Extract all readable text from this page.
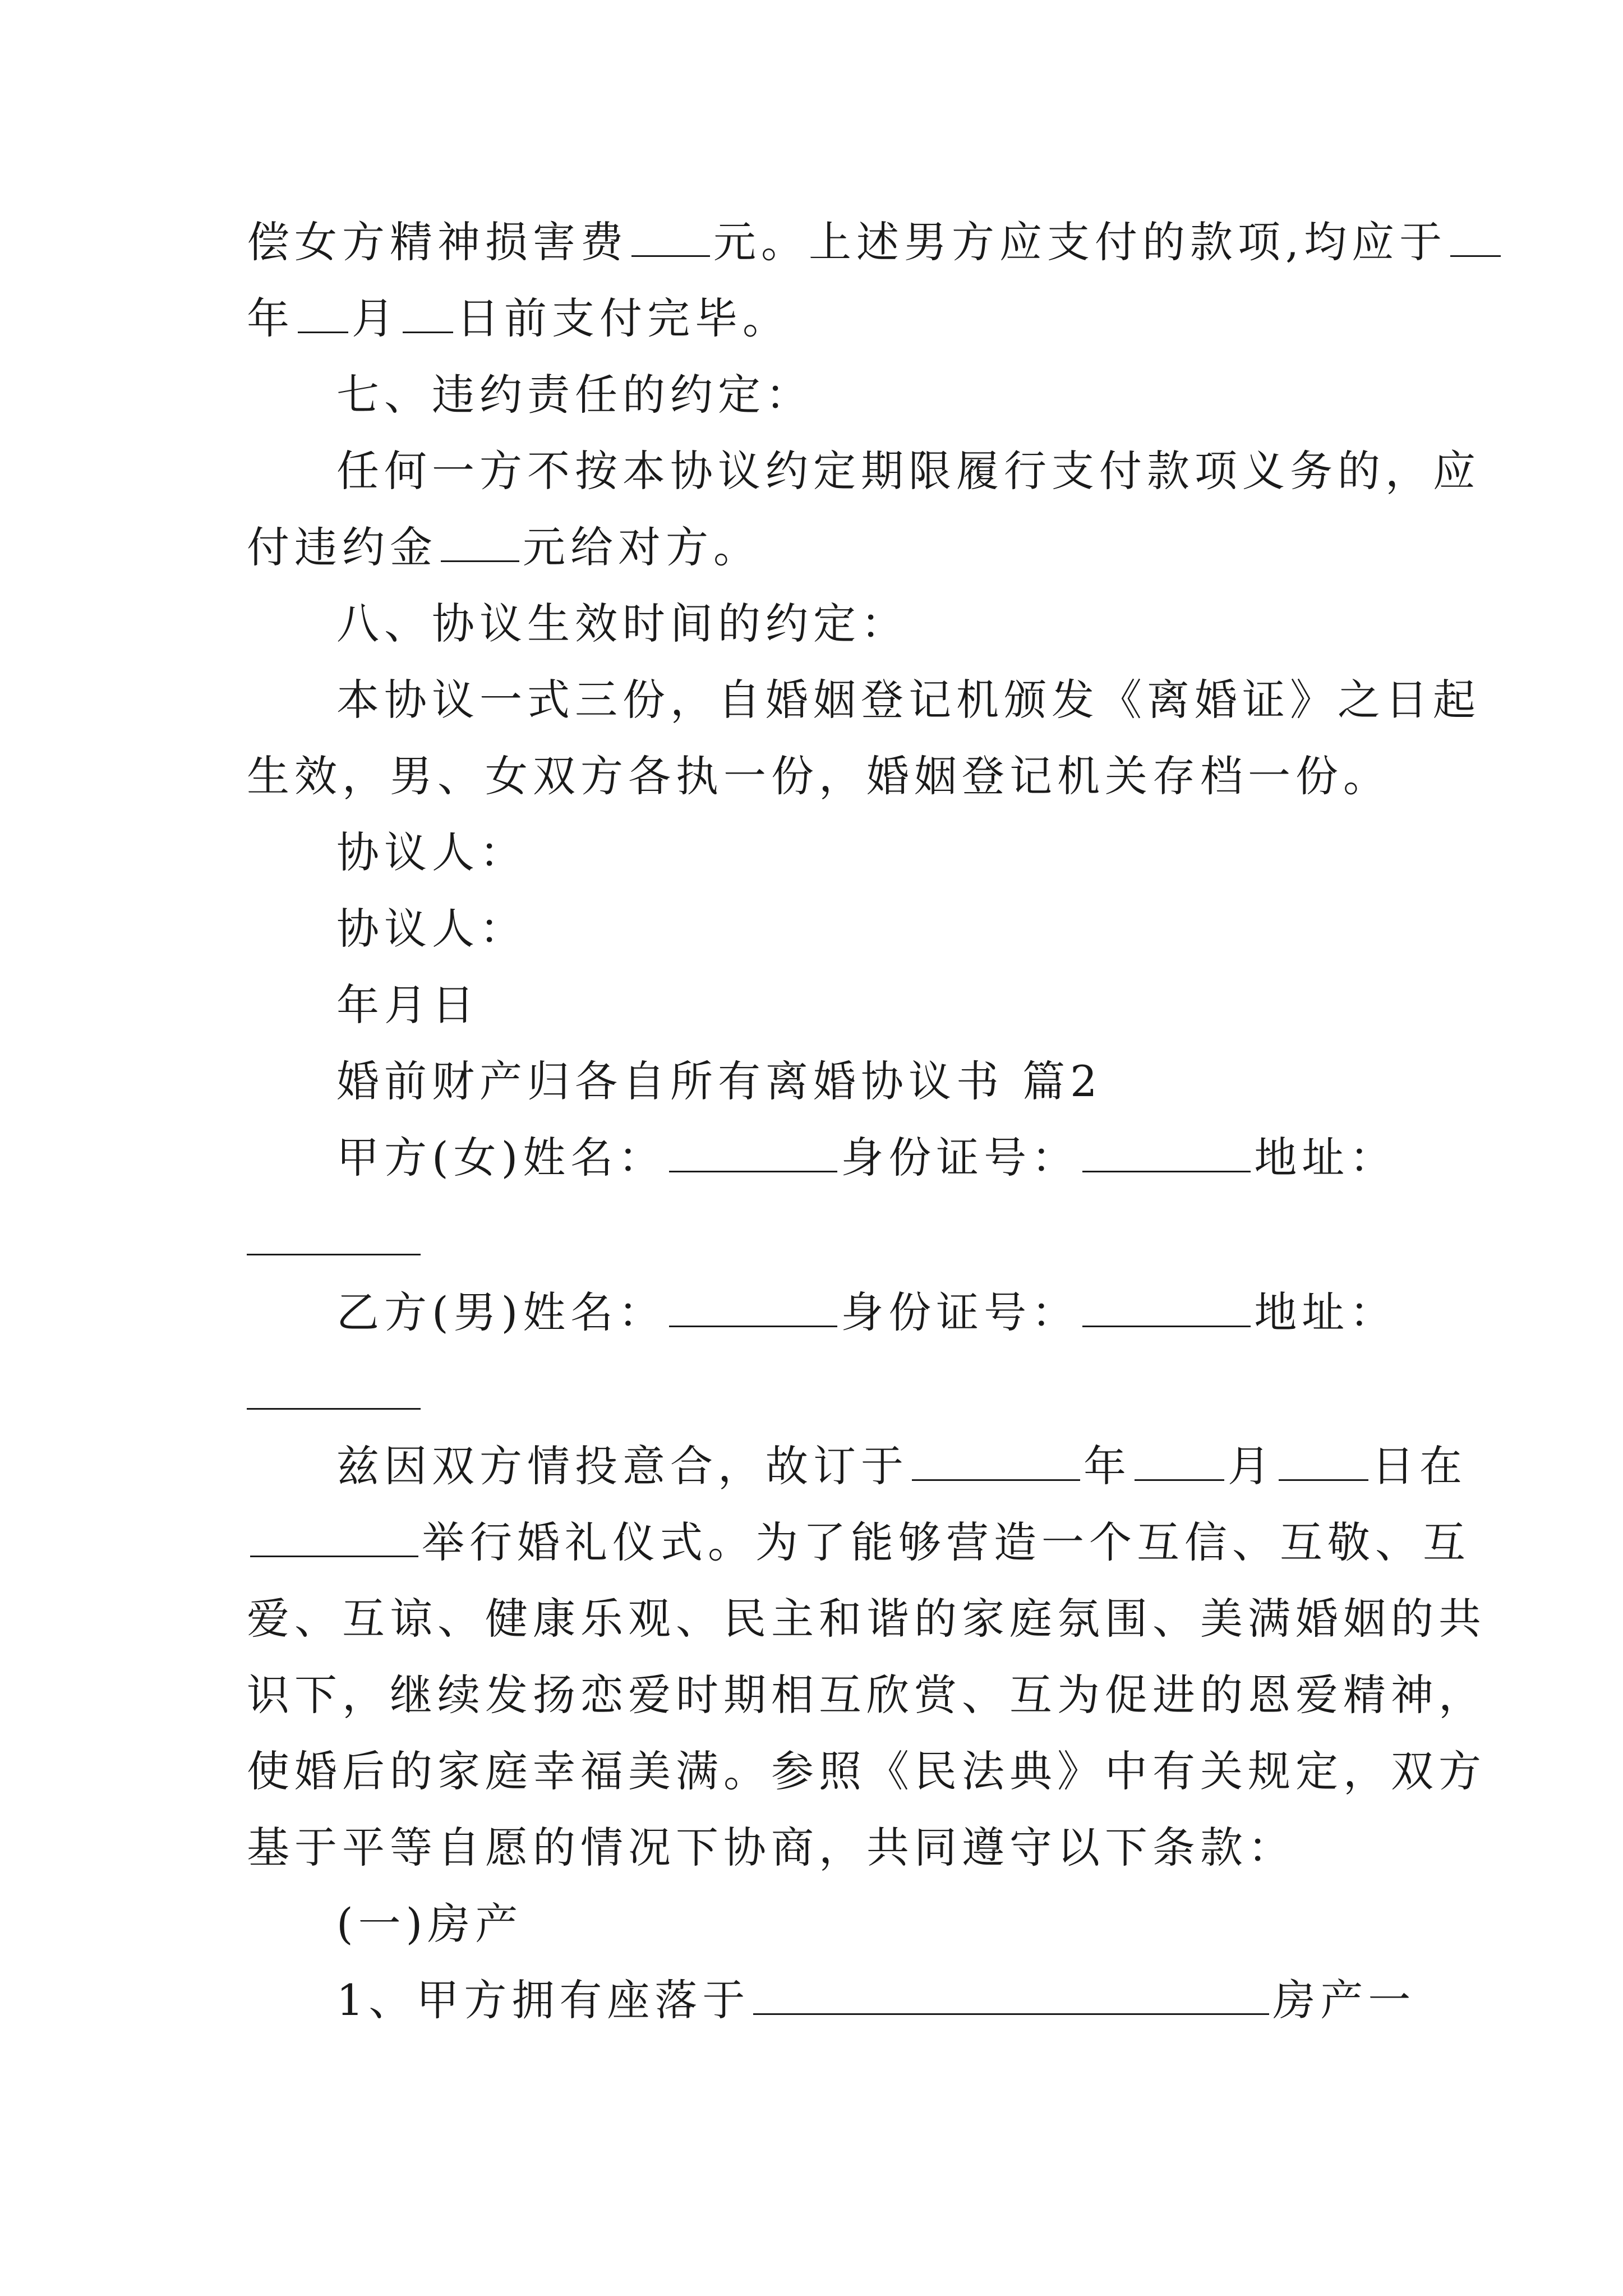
偿女方精神损害费 元。上述男方应支付的款项,均应于
年 月 日前支付完毕。
七、违约责任的约定：
任何一方不按本协议约定期限履行支付款项义务的，应
付违约金 元给对方。
八、协议生效时间的约定：
本协议一式三份，自婚姻登记机颁发《离婚证》之日起
生效，男、女双方各执一份，婚姻登记机关存档一份。
协议人：
协议人：
年月日
婚前财产归各自所有离婚协议书 篇2
甲方(女)姓名：	身份证号：	地址：
乙方(男)姓名：	身份证号：	地址：
兹因双方情投意合，故订于	年 月 日在
举行婚礼仪式。为了能够营造一个互信、互敬、互
爱、互谅、健康乐观、民主和谐的家庭氛围、美满婚姻的共
识下，继续发扬恋爱时期相互欣赏、互为促进的恩爱精神，
使婚后的家庭幸福美满。参照《民法典》中有关规定，双方
基于平等自愿的情况下协商，共同遵守以下条款：
(一)房产
1、甲方拥有座落于	房产一
